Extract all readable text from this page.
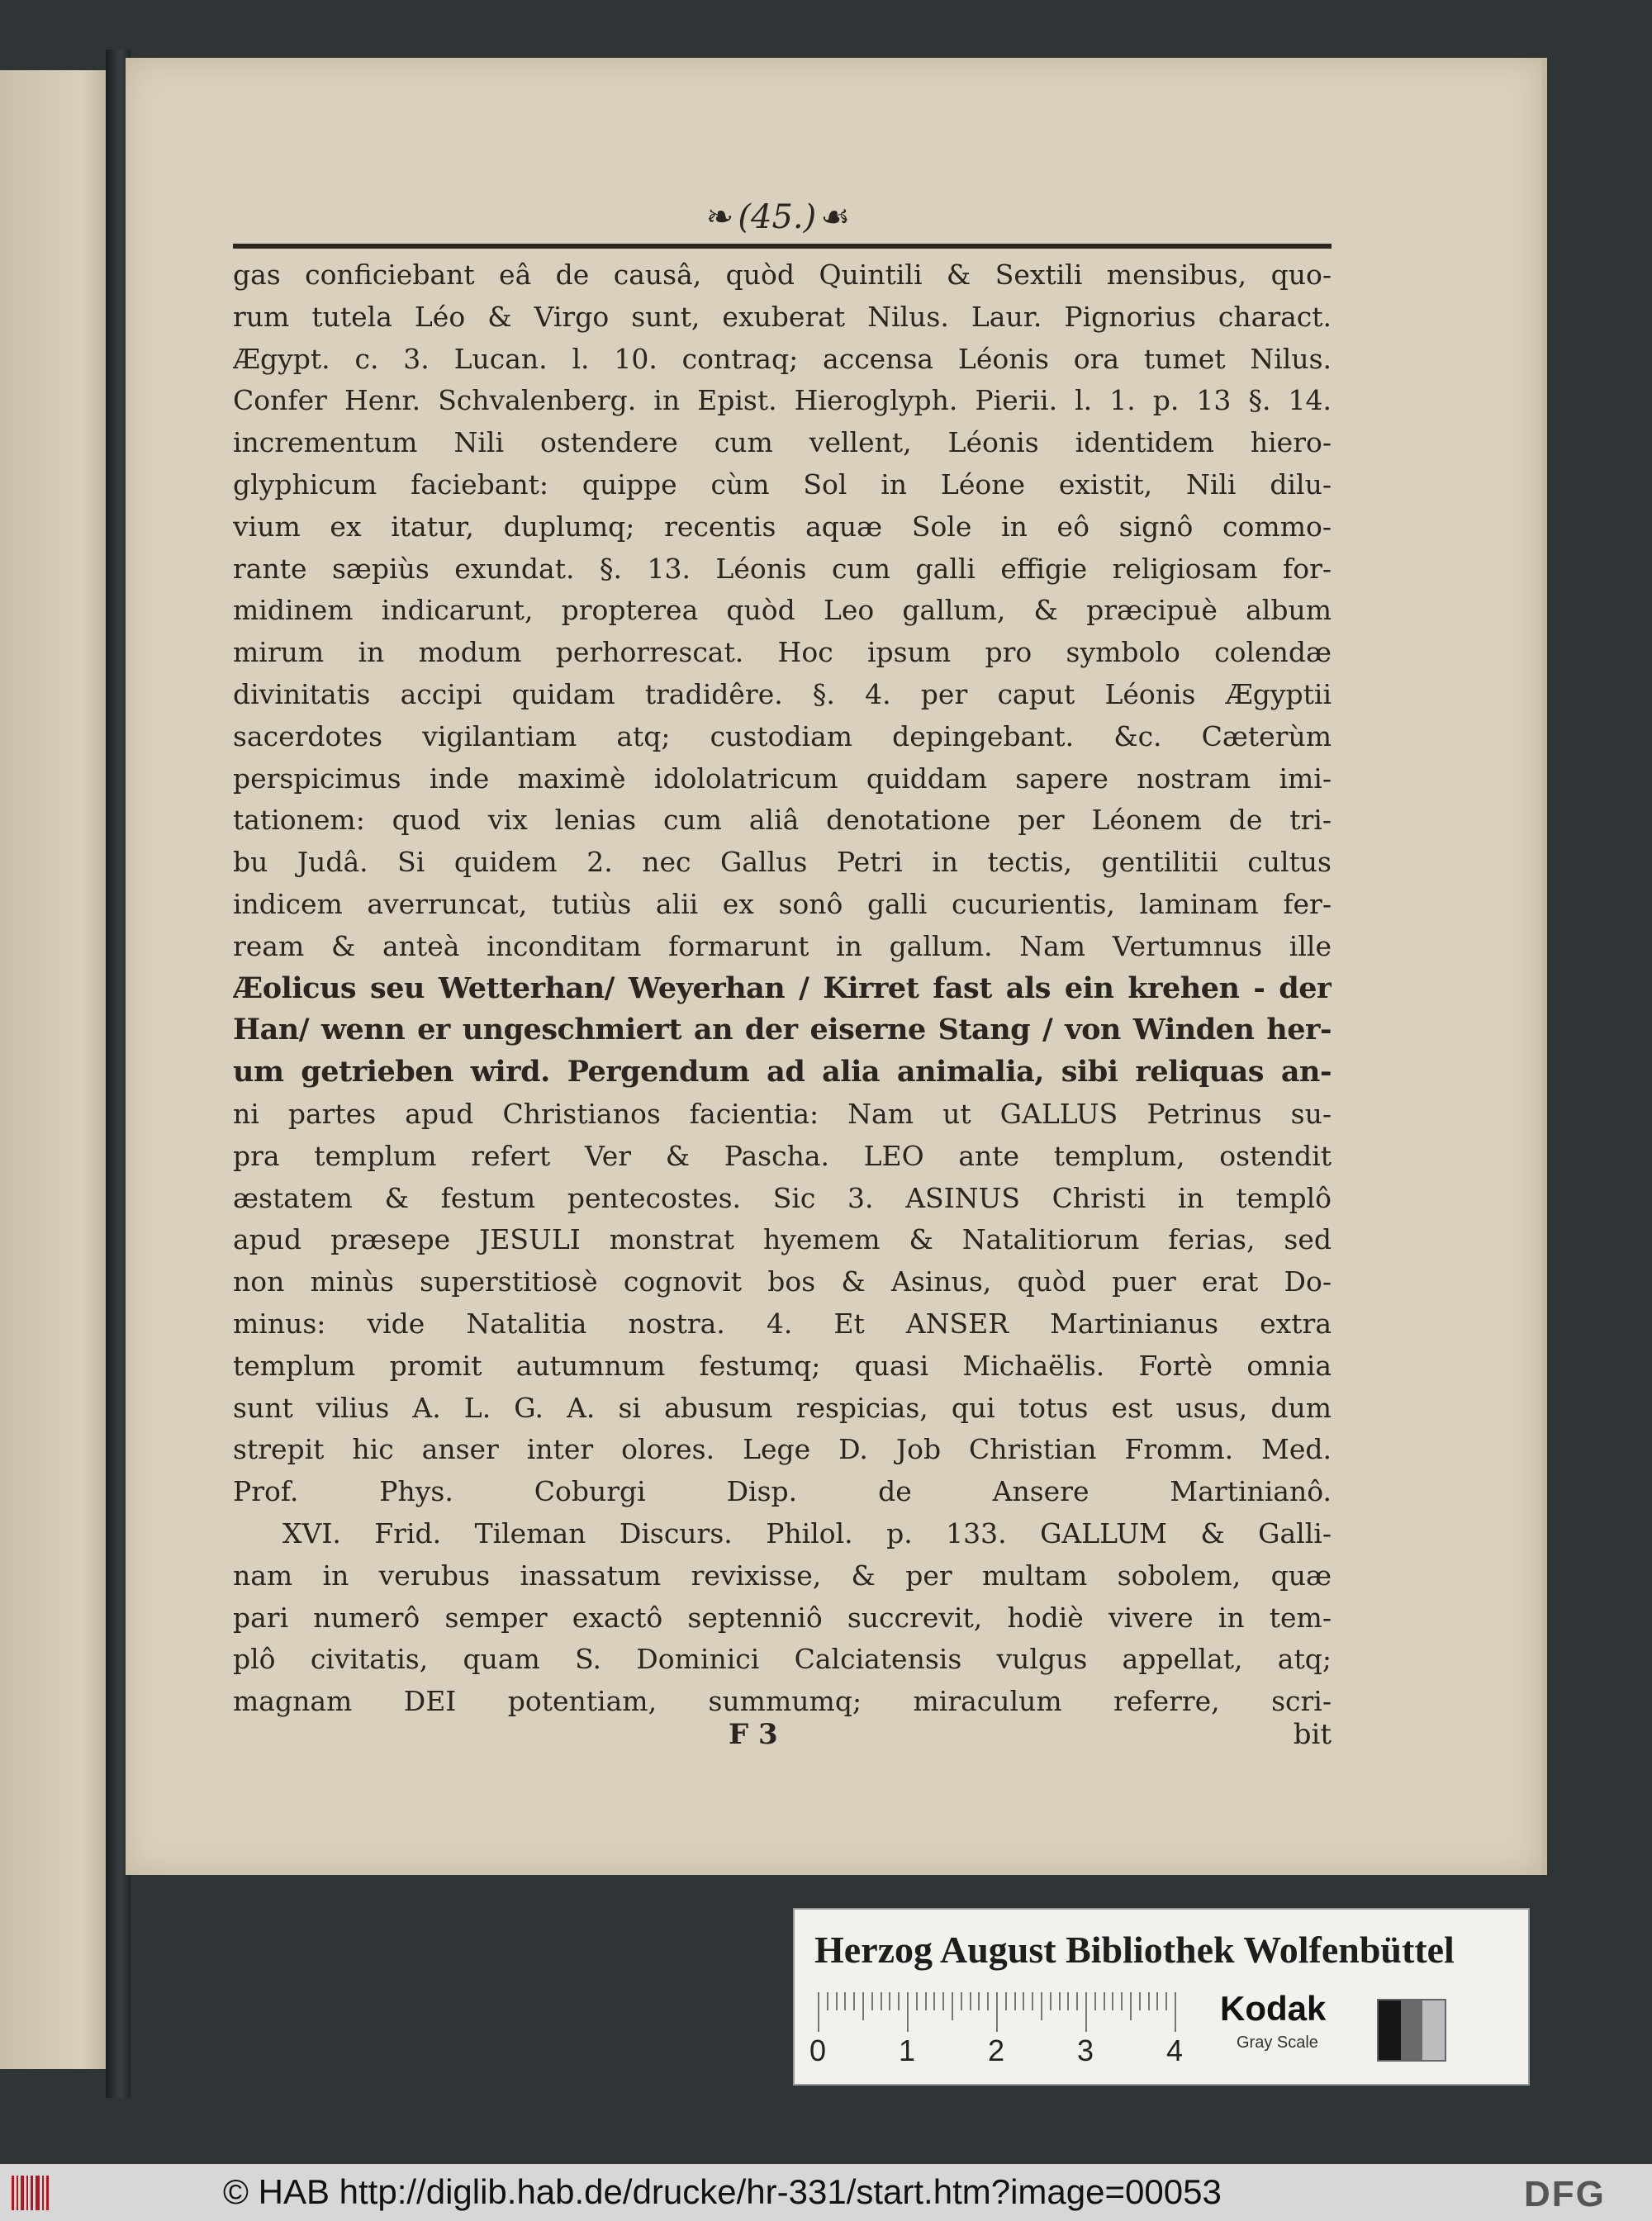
❧ (45.) ☙
gas conficiebant eâ de causâ, quòd Quintili & Sextili mensibus, quo-
rum tutela Léo & Virgo sunt, exuberat Nilus. Laur. Pignorius charact.
Ægypt. c. 3. Lucan. l. 10. contraq; accensa Léonis ora tumet Nilus.
Confer Henr. Schvalenberg. in Epist. Hieroglyph. Pierii. l. 1. p. 13 §. 14.
incrementum Nili ostendere cum vellent, Léonis identidem hiero-
glyphicum faciebant: quippe cùm Sol in Léone existit, Nili dilu-
vium ex itatur, duplumq; recentis aquæ Sole in eô signô commo-
rante sæpiùs exundat. §. 13. Léonis cum galli effigie religiosam for-
midinem indicarunt, propterea quòd Leo gallum, & præcipuè album
mirum in modum perhorrescat. Hoc ipsum pro symbolo colendæ
divinitatis accipi quidam tradidêre. §. 4. per caput Léonis Ægyptii
sacerdotes vigilantiam atq; custodiam depingebant. &c. Cæterùm
perspicimus inde maximè idololatricum quiddam sapere nostram imi-
tationem: quod vix lenias cum aliâ denotatione per Léonem de tri-
bu Judâ. Si quidem 2. nec Gallus Petri in tectis, gentilitii cultus
indicem averruncat, tutiùs alii ex sonô galli cucurientis, laminam fer-
ream & anteà inconditam formarunt in gallum. Nam Vertumnus ille
Æolicus seu Wetterhan/ Weyerhan / Kirret fast als ein krehen - der
Han/ wenn er ungeschmiert an der eiserne Stang / von Winden her-
um getrieben wird. Pergendum ad alia animalia, sibi reliquas an-
ni partes apud Christianos facientia: Nam ut GALLUS Petrinus su-
pra templum refert Ver & Pascha. LEO ante templum, ostendit
æstatem & festum pentecostes. Sic 3. ASINUS Christi in templô
apud præsepe JESULI monstrat hyemem & Natalitiorum ferias, sed
non minùs superstitiosè cognovit bos & Asinus, quòd puer erat Do-
minus: vide Natalitia nostra. 4. Et ANSER Martinianus extra
templum promit autumnum festumq; quasi Michaëlis. Fortè omnia
sunt vilius A. L. G. A. si abusum respicias, qui totus est usus, dum
strepit hic anser inter olores. Lege D. Job Christian Fromm. Med.
Prof. Phys. Coburgi Disp. de Ansere Martinianô.
XVI. Frid. Tileman Discurs. Philol. p. 133. GALLUM & Galli-
nam in verubus inassatum revixisse, & per multam sobolem, quæ
pari numerô semper exactô septenniô succrevit, hodiè vivere in tem-
plô civitatis, quam S. Dominici Calciatensis vulgus appellat, atq;
magnam DEI potentiam, summumq; miraculum referre, scri-
F 3	bit
Herzog August Bibliothek Wolfenbüttel
0 1 2 3 4
Kodak
Gray Scale
© HAB http://diglib.hab.de/drucke/hr-331/start.htm?image=00053	DFG
